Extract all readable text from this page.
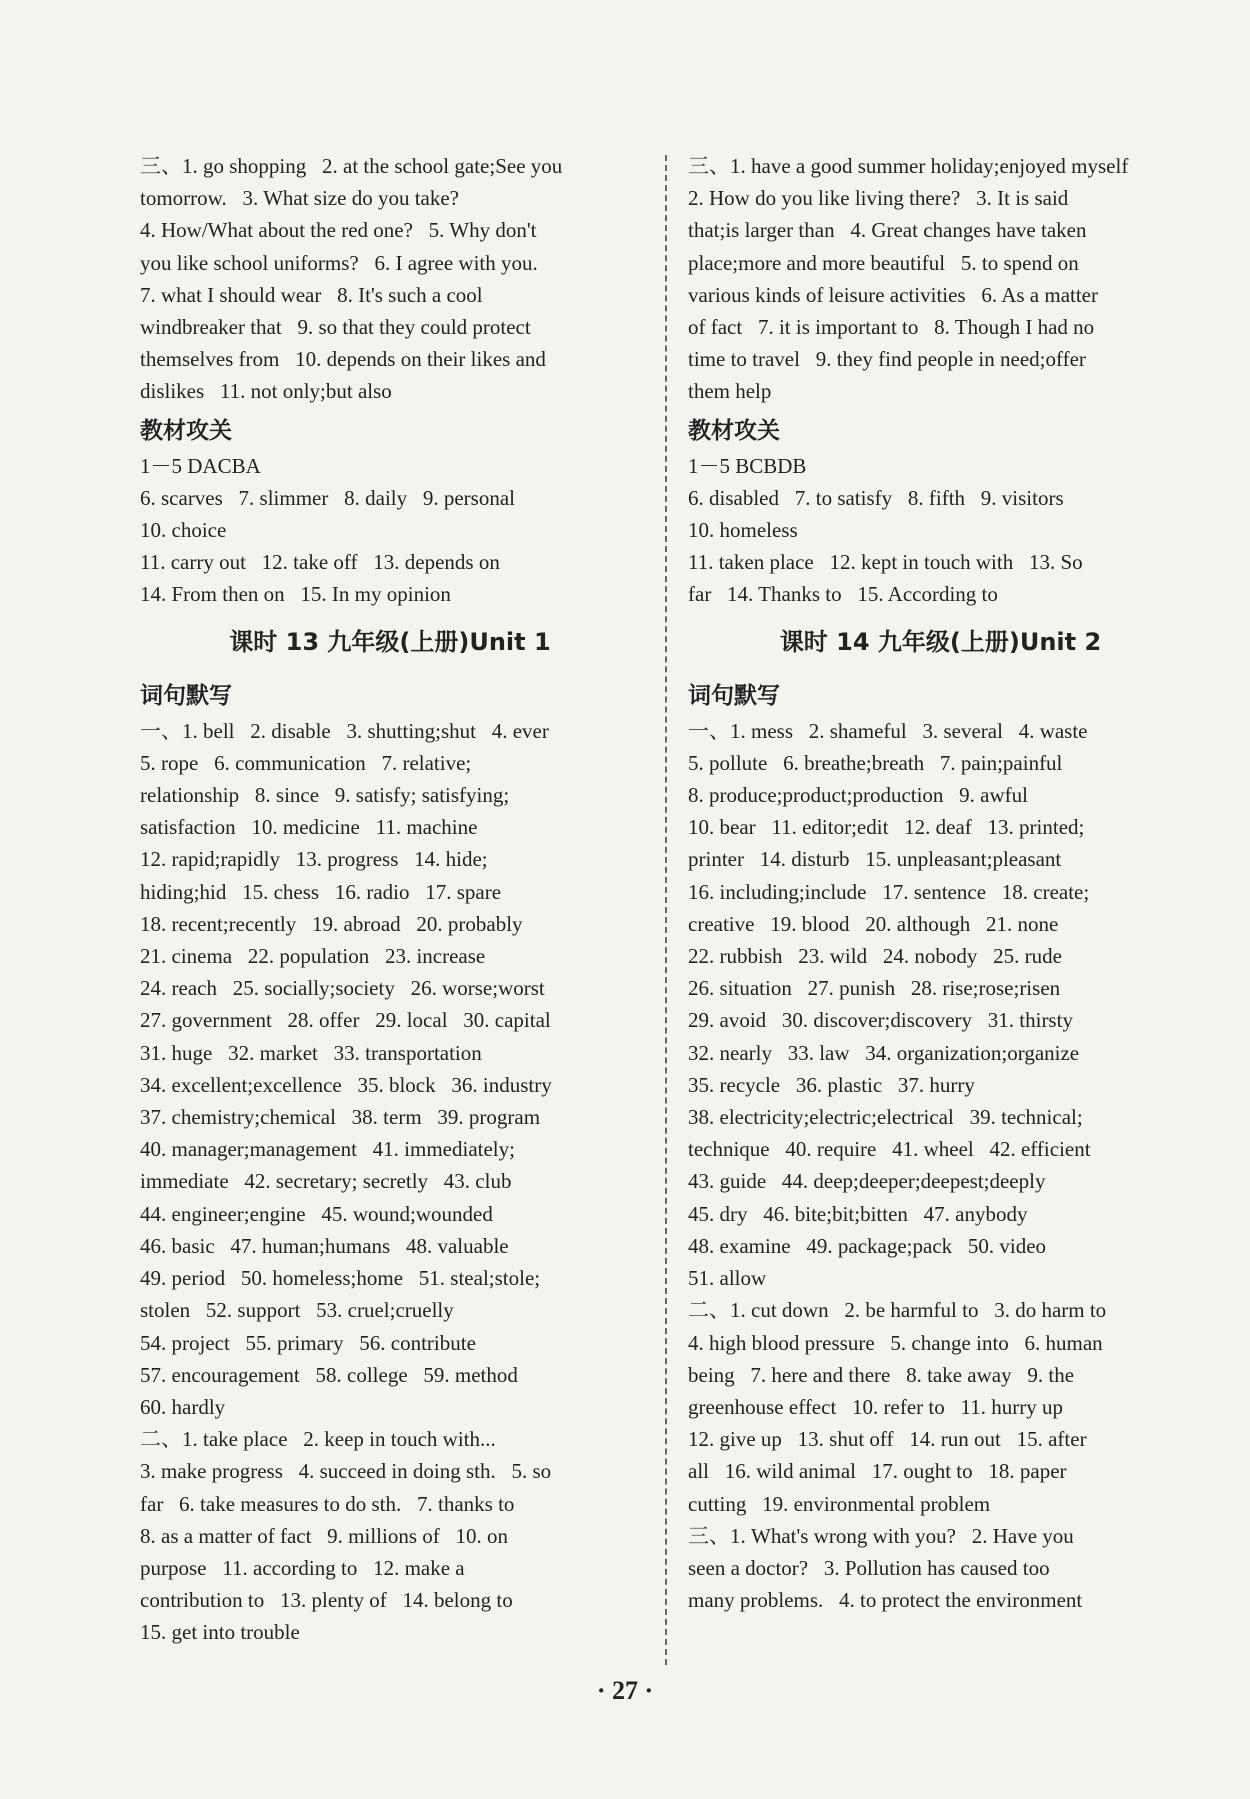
三、1. go shopping   2. at the school gate;See you

tomorrow.   3. What size do you take?

4. How/What about the red one?   5. Why don't

you like school uniforms?   6. I agree with you.

7. what I should wear   8. It's such a cool

windbreaker that   9. so that they could protect

themselves from   10. depends on their likes and

dislikes   11. not only;but also

教材攻关

1－5 DACBA

6. scarves   7. slimmer   8. daily   9. personal

10. choice

11. carry out   12. take off   13. depends on

14. From then on   15. In my opinion

课时 13 九年级(上册)Unit 1
词句默写

一、1. bell   2. disable   3. shutting;shut   4. ever

5. rope   6. communication   7. relative;

relationship   8. since   9. satisfy; satisfying;

satisfaction   10. medicine   11. machine

12. rapid;rapidly   13. progress   14. hide;

hiding;hid   15. chess   16. radio   17. spare

18. recent;recently   19. abroad   20. probably

21. cinema   22. population   23. increase

24. reach   25. socially;society   26. worse;worst

27. government   28. offer   29. local   30. capital

31. huge   32. market   33. transportation

34. excellent;excellence   35. block   36. industry

37. chemistry;chemical   38. term   39. program

40. manager;management   41. immediately;

immediate   42. secretary; secretly   43. club

44. engineer;engine   45. wound;wounded

46. basic   47. human;humans   48. valuable

49. period   50. homeless;home   51. steal;stole;

stolen   52. support   53. cruel;cruelly

54. project   55. primary   56. contribute

57. encouragement   58. college   59. method

60. hardly

二、1. take place   2. keep in touch with...

3. make progress   4. succeed in doing sth.   5. so

far   6. take measures to do sth.   7. thanks to

8. as a matter of fact   9. millions of   10. on

purpose   11. according to   12. make a

contribution to   13. plenty of   14. belong to

15. get into trouble

三、1. have a good summer holiday;enjoyed myself

2. How do you like living there?   3. It is said

that;is larger than   4. Great changes have taken

place;more and more beautiful   5. to spend on

various kinds of leisure activities   6. As a matter

of fact   7. it is important to   8. Though I had no

time to travel   9. they find people in need;offer

them help

教材攻关

1－5 BCBDB

6. disabled   7. to satisfy   8. fifth   9. visitors

10. homeless

11. taken place   12. kept in touch with   13. So

far   14. Thanks to   15. According to

课时 14 九年级(上册)Unit 2
词句默写

一、1. mess   2. shameful   3. several   4. waste

5. pollute   6. breathe;breath   7. pain;painful

8. produce;product;production   9. awful

10. bear   11. editor;edit   12. deaf   13. printed;

printer   14. disturb   15. unpleasant;pleasant

16. including;include   17. sentence   18. create;

creative   19. blood   20. although   21. none

22. rubbish   23. wild   24. nobody   25. rude

26. situation   27. punish   28. rise;rose;risen

29. avoid   30. discover;discovery   31. thirsty

32. nearly   33. law   34. organization;organize

35. recycle   36. plastic   37. hurry

38. electricity;electric;electrical   39. technical;

technique   40. require   41. wheel   42. efficient

43. guide   44. deep;deeper;deepest;deeply

45. dry   46. bite;bit;bitten   47. anybody

48. examine   49. package;pack   50. video

51. allow

二、1. cut down   2. be harmful to   3. do harm to

4. high blood pressure   5. change into   6. human

being   7. here and there   8. take away   9. the

greenhouse effect   10. refer to   11. hurry up

12. give up   13. shut off   14. run out   15. after

all   16. wild animal   17. ought to   18. paper

cutting   19. environmental problem

三、1. What's wrong with you?   2. Have you

seen a doctor?   3. Pollution has caused too

many problems.   4. to protect the environment

· 27 ·
